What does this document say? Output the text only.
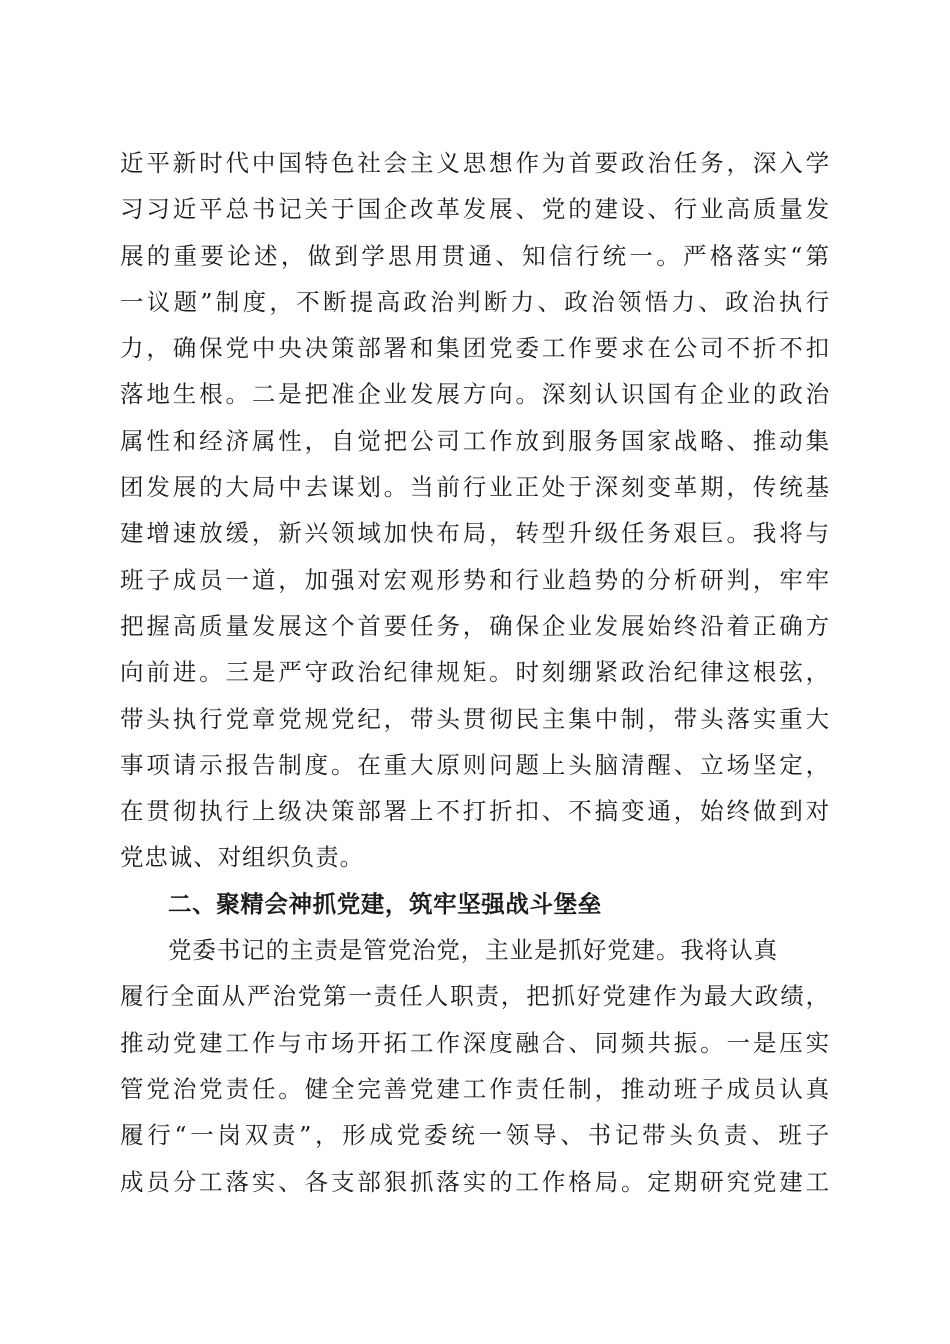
近平新时代中国特色社会主义思想作为首要政治任务，深入学
习习近平总书记关于国企改革发展、党的建设、行业高质量发
展的重要论述，做到学思用贯通、知信行统一。严格落实“第
一议题”制度，不断提高政治判断力、政治领悟力、政治执行
力，确保党中央决策部署和集团党委工作要求在公司不折不扣
落地生根。二是把准企业发展方向。深刻认识国有企业的政治
属性和经济属性，自觉把公司工作放到服务国家战略、推动集
团发展的大局中去谋划。当前行业正处于深刻变革期，传统基
建增速放缓，新兴领域加快布局，转型升级任务艰巨。我将与
班子成员一道，加强对宏观形势和行业趋势的分析研判，牢牢
把握高质量发展这个首要任务，确保企业发展始终沿着正确方
向前进。三是严守政治纪律规矩。时刻绷紧政治纪律这根弦，
带头执行党章党规党纪，带头贯彻民主集中制，带头落实重大
事项请示报告制度。在重大原则问题上头脑清醒、立场坚定，
在贯彻执行上级决策部署上不打折扣、不搞变通，始终做到对
党忠诚、对组织负责。
二、聚精会神抓党建，筑牢坚强战斗堡垒
党委书记的主责是管党治党，主业是抓好党建。我将认真
履行全面从严治党第一责任人职责，把抓好党建作为最大政绩，
推动党建工作与市场开拓工作深度融合、同频共振。一是压实
管党治党责任。健全完善党建工作责任制，推动班子成员认真
履行“一岗双责”，形成党委统一领导、书记带头负责、班子
成员分工落实、各支部狠抓落实的工作格局。定期研究党建工
